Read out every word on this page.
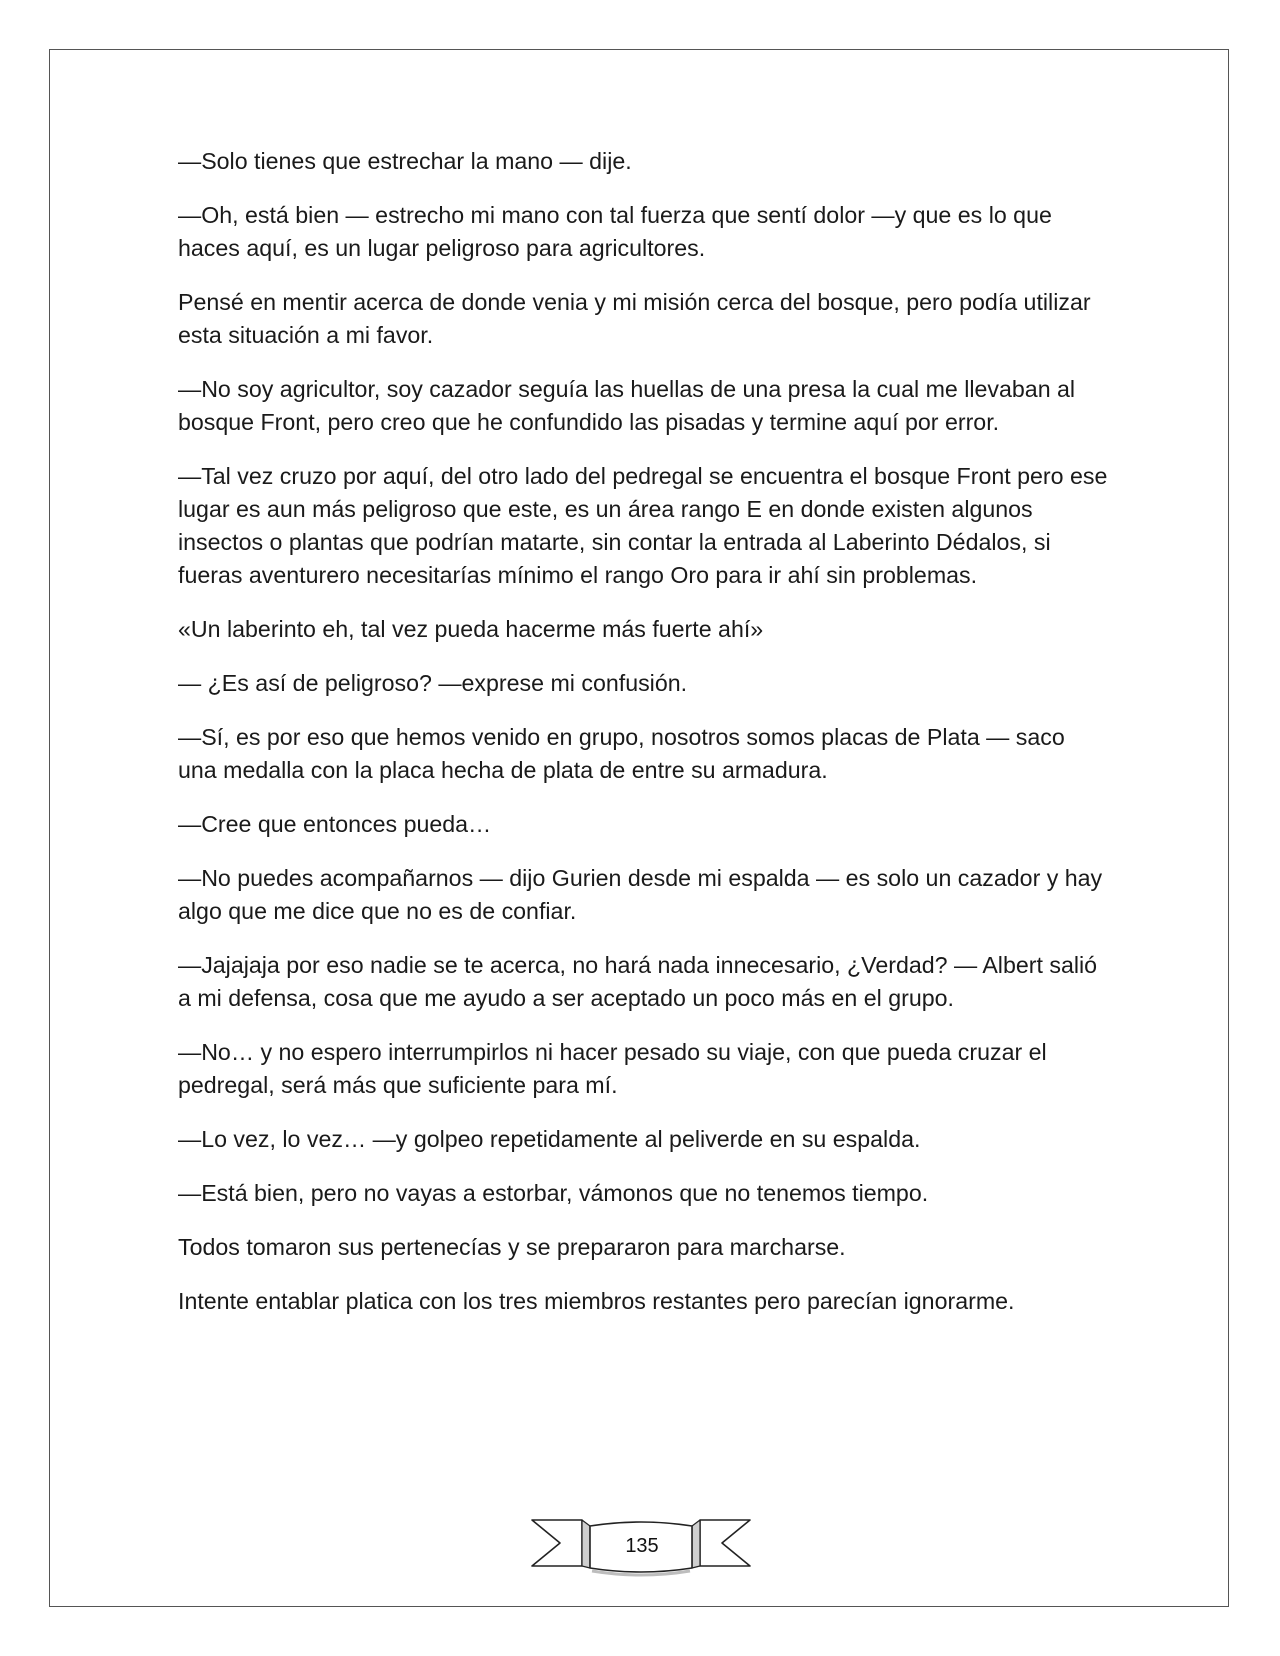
—Solo tienes que estrechar la mano — dije.

—Oh, está bien — estrecho mi mano con tal fuerza que sentí dolor —y que es lo que haces aquí, es un lugar peligroso para agricultores.

Pensé en mentir acerca de donde venia y mi misión cerca del bosque, pero podía utilizar esta situación a mi favor.

—No soy agricultor, soy cazador seguía las huellas de una presa la cual me llevaban al bosque Front, pero creo que he confundido las pisadas y termine aquí por error.

—Tal vez cruzo por aquí, del otro lado del pedregal se encuentra el bosque Front pero ese lugar es aun más peligroso que este, es un área rango E en donde existen algunos insectos o plantas que podrían matarte, sin contar la entrada al Laberinto Dédalos, si fueras aventurero necesitarías mínimo el rango Oro para ir ahí sin problemas.

«Un laberinto eh, tal vez pueda hacerme más fuerte ahí»

— ¿Es así de peligroso? —exprese mi confusión.

—Sí, es por eso que hemos venido en grupo, nosotros somos placas de Plata — saco una medalla con la placa hecha de plata de entre su armadura.

—Cree que entonces pueda…

—No puedes acompañarnos — dijo Gurien desde mi espalda — es solo un cazador y hay algo que me dice que no es de confiar.

—Jajajaja por eso nadie se te acerca, no hará nada innecesario, ¿Verdad? — Albert salió a mi defensa, cosa que me ayudo a ser aceptado un poco más en el grupo.

—No… y no espero interrumpirlos ni hacer pesado su viaje, con que pueda cruzar el pedregal, será más que suficiente para mí.

—Lo vez, lo vez… —y golpeo repetidamente al peliverde en su espalda.

—Está bien, pero no vayas a estorbar, vámonos que no tenemos tiempo.

Todos tomaron sus pertenecías y se prepararon para marcharse.

Intente entablar platica con los tres miembros restantes pero parecían ignorarme.

135
